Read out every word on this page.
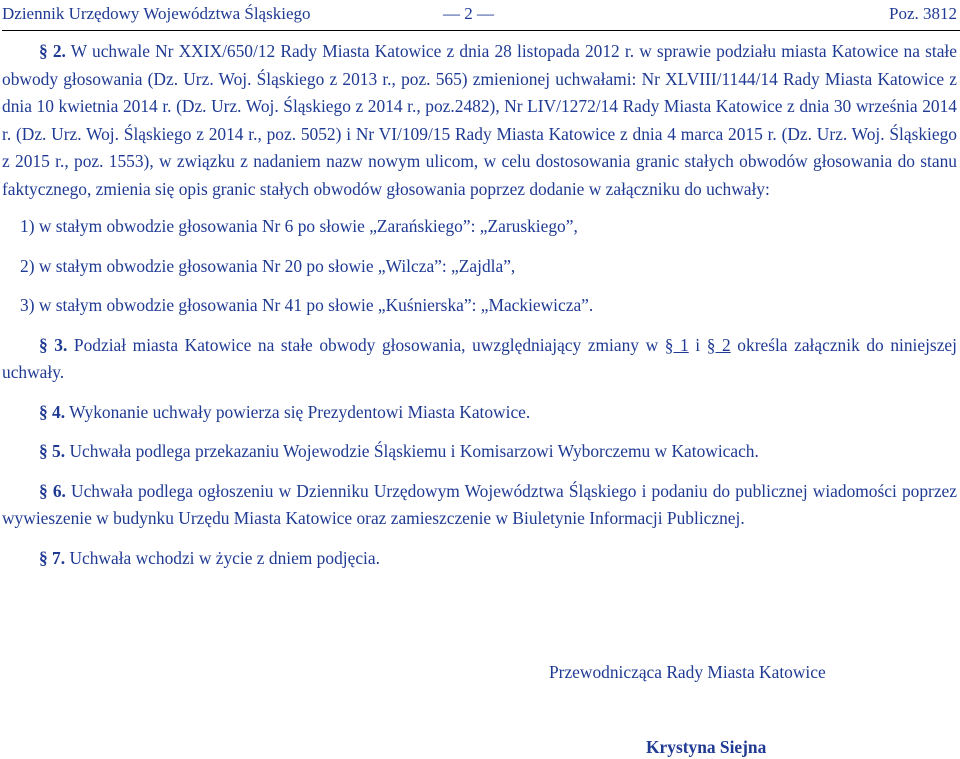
Dziennik Urzędowy Województwa Śląskiego	— 2 —	Poz. 3812

§ 2. W uchwale Nr XXIX/650/12 Rady Miasta Katowice z dnia 28 listopada 2012 r. w sprawie podziału miasta Katowice na stałe obwody głosowania (Dz. Urz. Woj. Śląskiego z 2013 r., poz. 565) zmienionej uchwałami: Nr XLVIII/1144/14 Rady Miasta Katowice z dnia 10 kwietnia 2014 r. (Dz. Urz. Woj. Śląskiego z 2014 r., poz.2482), Nr LIV/1272/14 Rady Miasta Katowice z dnia 30 września 2014 r. (Dz. Urz. Woj. Śląskiego z 2014 r., poz. 5052) i Nr VI/109/15 Rady Miasta Katowice z dnia 4 marca 2015 r. (Dz. Urz. Woj. Śląskiego z 2015 r., poz. 1553), w związku z nadaniem nazw nowym ulicom, w celu dostosowania granic stałych obwodów głosowania do stanu faktycznego, zmienia się opis granic stałych obwodów głosowania poprzez dodanie w załączniku do uchwały:

1) w stałym obwodzie głosowania Nr 6 po słowie „Zarańskiego”: „Zaruskiego”,

2) w stałym obwodzie głosowania Nr 20 po słowie „Wilcza”: „Zajdla”,

3) w stałym obwodzie głosowania Nr 41 po słowie „Kuśnierska”: „Mackiewicza”.

§ 3. Podział miasta Katowice na stałe obwody głosowania, uwzględniający zmiany w § 1 i § 2 określa załącznik do niniejszej uchwały.

§ 4. Wykonanie uchwały powierza się Prezydentowi Miasta Katowice.

§ 5. Uchwała podlega przekazaniu Wojewodzie Śląskiemu i Komisarzowi Wyborczemu w Katowicach.

§ 6. Uchwała podlega ogłoszeniu w Dzienniku Urzędowym Województwa Śląskiego i podaniu do publicznej wiadomości poprzez wywieszenie w budynku Urzędu Miasta Katowice oraz zamieszczenie w Biuletynie Informacji Publicznej.

§ 7. Uchwała wchodzi w życie z dniem podjęcia.

Przewodnicząca Rady Miasta Katowice
Krystyna Siejna
